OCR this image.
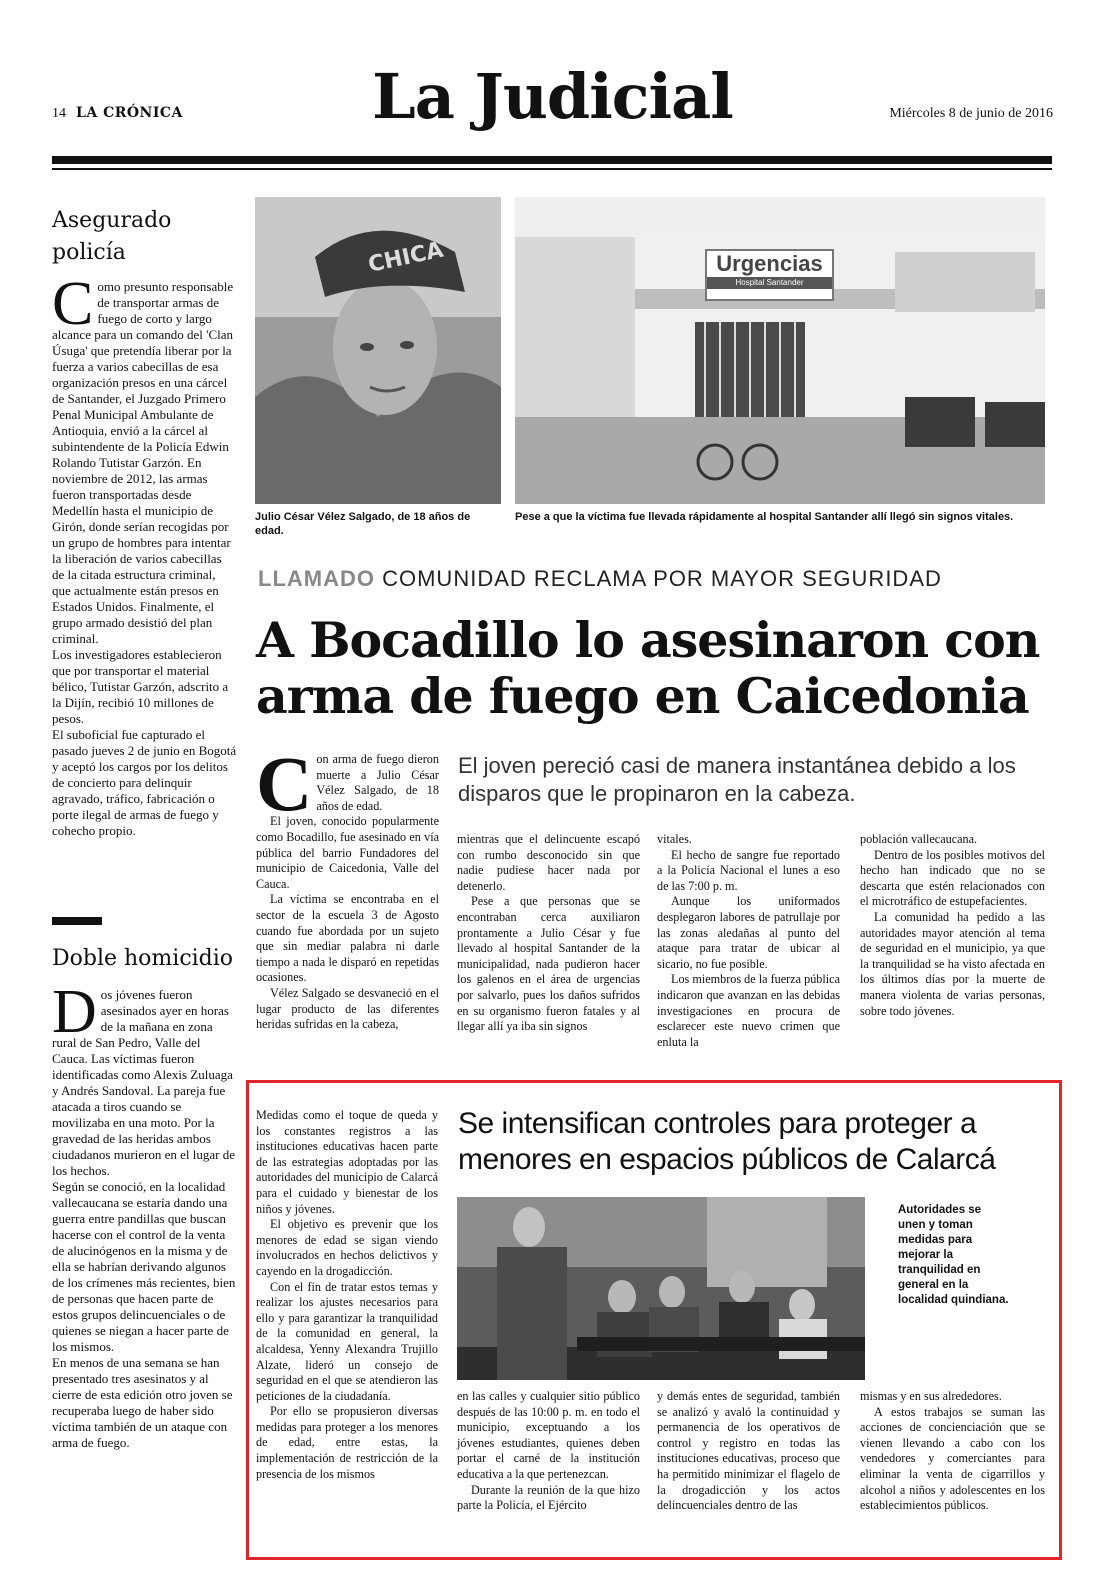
14 LA CRÓNICA	La Judicial	Miércoles 8 de junio de 2016
Asegurado
policía

Como presunto responsable de transportar armas de fuego de corto y largo alcance para un comando del 'Clan Úsuga' que pretendía liberar por la fuerza a varios cabecillas de esa organización presos en una cárcel de Santander, el Juzgado Primero Penal Municipal Ambulante de Antioquia, envió a la cárcel al subintendente de la Policía Edwin Rolando Tutistar Garzón. En noviembre de 2012, las armas fueron transportadas desde Medellín hasta el municipio de Girón, donde serían recogidas por un grupo de hombres para intentar la liberación de varios cabecillas de la citada estructura criminal, que actualmente están presos en Estados Unidos. Finalmente, el grupo armado desistió del plan criminal.

Los investigadores establecieron que por transportar el material bélico, Tutistar Garzón, adscrito a la Dijín, recibió 10 millones de pesos.

El suboficial fue capturado el pasado jueves 2 de junio en Bogotá y aceptó los cargos por los delitos de concierto para delinquir agravado, tráfico, fabricación o porte ilegal de armas de fuego y cohecho propio.

Doble homicidio

Dos jóvenes fueron asesinados ayer en horas de la mañana en zona rural de San Pedro, Valle del Cauca. Las víctimas fueron identificadas como Alexis Zuluaga y Andrés Sandoval. La pareja fue atacada a tiros cuando se movilizaba en una moto. Por la gravedad de las heridas ambos ciudadanos murieron en el lugar de los hechos.

Según se conoció, en la localidad vallecaucana se estaría dando una guerra entre pandillas que buscan hacerse con el control de la venta de alucinógenos en la misma y de ella se habrían derivando algunos de los crímenes más recientes, bien de personas que hacen parte de estos grupos delincuenciales o de quienes se niegan a hacer parte de los mismos.

En menos de una semana se han presentado tres asesinatos y al cierre de esta edición otro joven se recuperaba luego de haber sido víctima también de un ataque con arma de fuego.

CHICA
Julio César Vélez Salgado, de 18 años de edad.
Urgencias
Hospital Santander
Pese a que la víctima fue llevada rápidamente al hospital Santander allí llegó sin signos vitales.
LLAMADO COMUNIDAD RECLAMA POR MAYOR SEGURIDAD
A Bocadillo lo asesinaron con
arma de fuego en Caicedonia
El joven pereció casi de manera instantánea debido a los disparos que le propinaron en la cabeza.

Con arma de fuego dieron muerte a Julio César Vélez Salgado, de 18 años de edad.

El joven, conocido popularmente como Bocadillo, fue asesinado en vía pública del barrio Fundadores del municipio de Caicedonia, Valle del Cauca.

La víctima se encontraba en el sector de la escuela 3 de Agosto cuando fue abordada por un sujeto que sin mediar palabra ni darle tiempo a nada le disparó en repetidas ocasiones.

Vélez Salgado se desvaneció en el lugar producto de las diferentes heridas sufridas en la cabeza,

mientras que el delincuente escapó con rumbo desconocido sin que nadie pudiese hacer nada por detenerlo.

Pese a que personas que se encontraban cerca auxiliaron prontamente a Julio César y fue llevado al hospital Santander de la municipalidad, nada pudieron hacer los galenos en el área de urgencias por salvarlo, pues los daños sufridos en su organismo fueron fatales y al llegar allí ya iba sin signos

vitales.

El hecho de sangre fue reportado a la Policía Nacional el lunes a eso de las 7:00 p. m.

Aunque los uniformados desplegaron labores de patrullaje por las zonas aledañas al punto del ataque para tratar de ubicar al sicario, no fue posible.

Los miembros de la fuerza pública indicaron que avanzan en las debidas investigaciones en procura de esclarecer este nuevo crimen que enluta la

población vallecaucana.

Dentro de los posibles motivos del hecho han indicado que no se descarta que estén relacionados con el microtráfico de estupefacientes.

La comunidad ha pedido a las autoridades mayor atención al tema de seguridad en el municipio, ya que la tranquilidad se ha visto afectada en los últimos días por la muerte de manera violenta de varias personas, sobre todo jóvenes.

Se intensifican controles para proteger a
menores en espacios públicos de Calarcá

Medidas como el toque de queda y los constantes registros a las instituciones educativas hacen parte de las estrategias adoptadas por las autoridades del municipio de Calarcá para el cuidado y bienestar de los niños y jóvenes.

El objetivo es prevenir que los menores de edad se sigan viendo involucrados en hechos delictivos y cayendo en la drogadicción.

Con el fin de tratar estos temas y realizar los ajustes necesarios para ello y para garantizar la tranquilidad de la comunidad en general, la alcaldesa, Yenny Alexandra Trujillo Alzate, lideró un consejo de seguridad en el que se atendieron las peticiones de la ciudadanía.

Por ello se propusieron diversas medidas para proteger a los menores de edad, entre estas, la implementación de restricción de la presencia de los mismos

Autoridades se unen y toman medidas para mejorar la tranquilidad en general en la localidad quindiana.

en las calles y cualquier sitio público después de las 10:00 p. m. en todo el municipio, exceptuando a los jóvenes estudiantes, quienes deben portar el carné de la institución educativa a la que pertenezcan.

Durante la reunión de la que hizo parte la Policía, el Ejército

y demás entes de seguridad, también se analizó y avaló la continuidad y permanencia de los operativos de control y registro en todas las instituciones educativas, proceso que ha permitido minimizar el flagelo de la drogadicción y los actos delincuenciales dentro de las

mismas y en sus alrededores.

A estos trabajos se suman las acciones de concienciación que se vienen llevando a cabo con los vendedores y comerciantes para eliminar la venta de cigarrillos y alcohol a niños y adolescentes en los establecimientos públicos.
